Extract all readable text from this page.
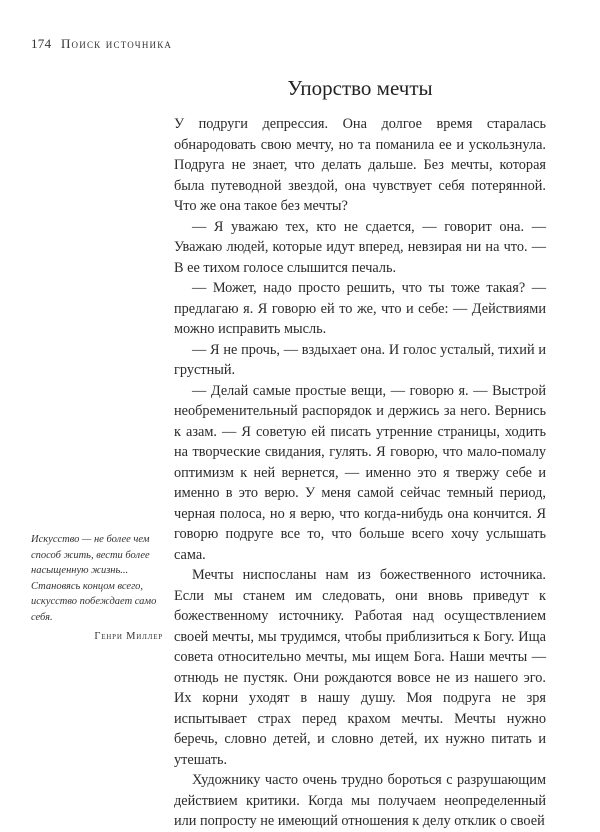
174 Поиск источника
Упорство мечты

У подруги депрессия. Она долгое время старалась обнародовать свою мечту, но та поманила ее и ускользнула. Подруга не знает, что делать дальше. Без мечты, которая была путеводной звездой, она чувствует себя потерянной. Что же она такое без мечты?

— Я уважаю тех, кто не сдается, — говорит она. — Уважаю людей, которые идут вперед, невзирая ни на что. — В ее тихом голосе слышится печаль.

— Может, надо просто решить, что ты тоже такая? — предлагаю я. Я говорю ей то же, что и себе: — Действиями можно исправить мысль.

— Я не прочь, — вздыхает она. И голос усталый, тихий и грустный.

— Делай самые простые вещи, — говорю я. — Выстрой необременительный распорядок и держись за него. Вернись к азам. — Я советую ей писать утренние страницы, ходить на творческие свидания, гулять. Я говорю, что мало-помалу оптимизм к ней вернется, — именно это я твержу себе и именно в это верю. У меня самой сейчас темный период, черная полоса, но я верю, что когда-нибудь она кончится. Я говорю подруге все то, что больше всего хочу услышать сама.

Мечты ниспосланы нам из божественного источника. Если мы станем им следовать, они вновь приведут к божественному источнику. Работая над осуществлением своей мечты, мы трудимся, чтобы приблизиться к Богу. Ища совета относительно мечты, мы ищем Бога. Наши мечты — отнюдь не пустяк. Они рождаются вовсе не из нашего эго. Их корни уходят в нашу душу. Моя подруга не зря испытывает страх перед крахом мечты. Мечты нужно беречь, словно детей, и словно детей, их нужно питать и утешать.

Художнику часто очень трудно бороться с разрушающим действием критики. Когда мы получаем неопределенный или попросту не имеющий отношения к делу отклик о своей

Искусство — не более чем способ жить, вести более насыщенную жизнь... Становясь концом всего, искусство побеждает само себя.
Генри Миллер
